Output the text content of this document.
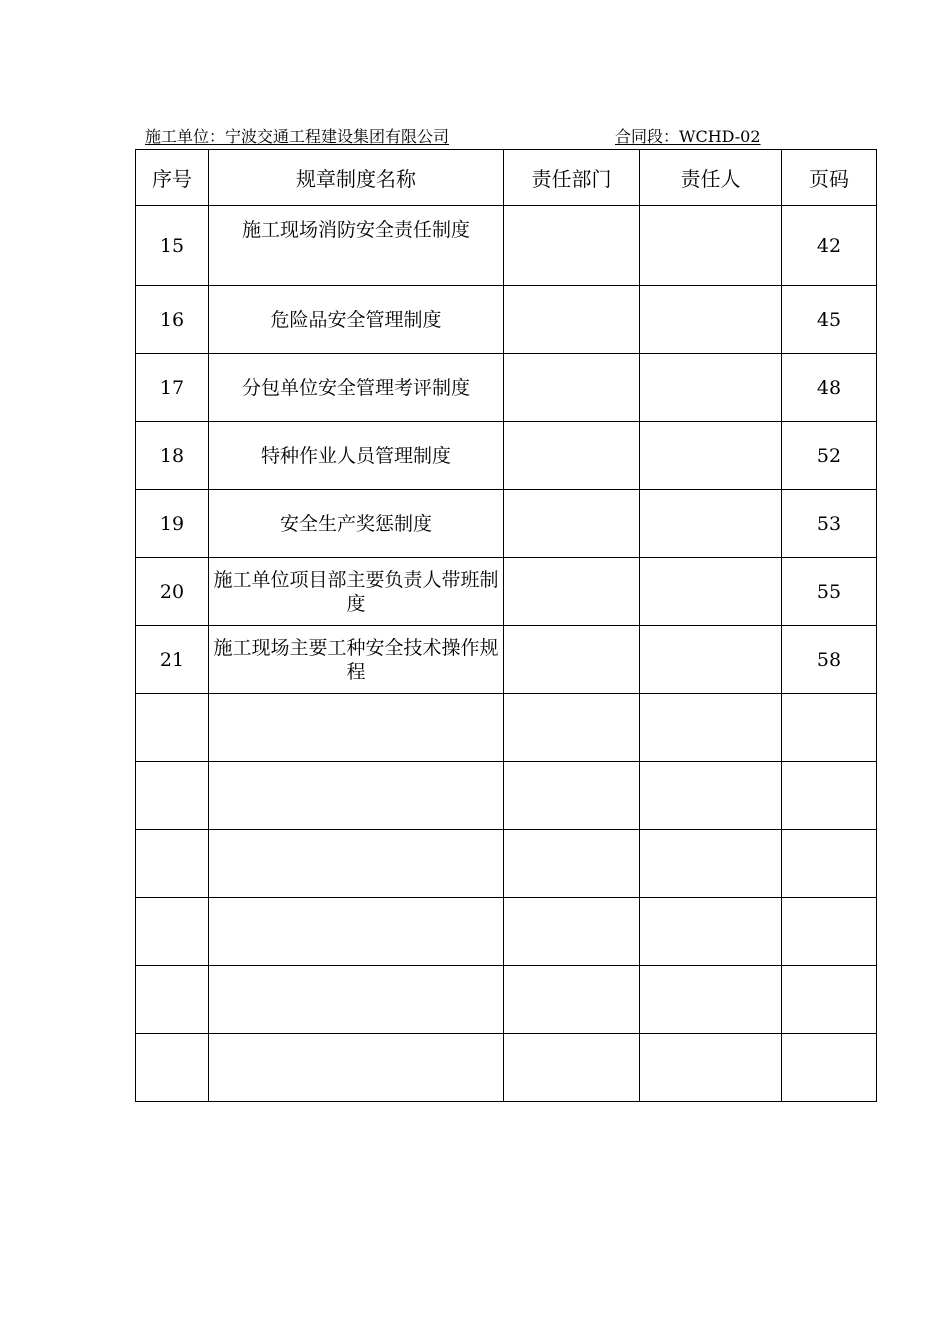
施工单位：宁波交通工程建设集团有限公司	合同段：WCHD-02
序号	规章制度名称	责任部门	责任人	页码
15	施工现场消防安全责任制度			42
16	危险品安全管理制度			45
17	分包单位安全管理考评制度			48
18	特种作业人员管理制度			52
19	安全生产奖惩制度			53
20	施工单位项目部主要负责人带班制度			55
21	施工现场主要工种安全技术操作规程			58
